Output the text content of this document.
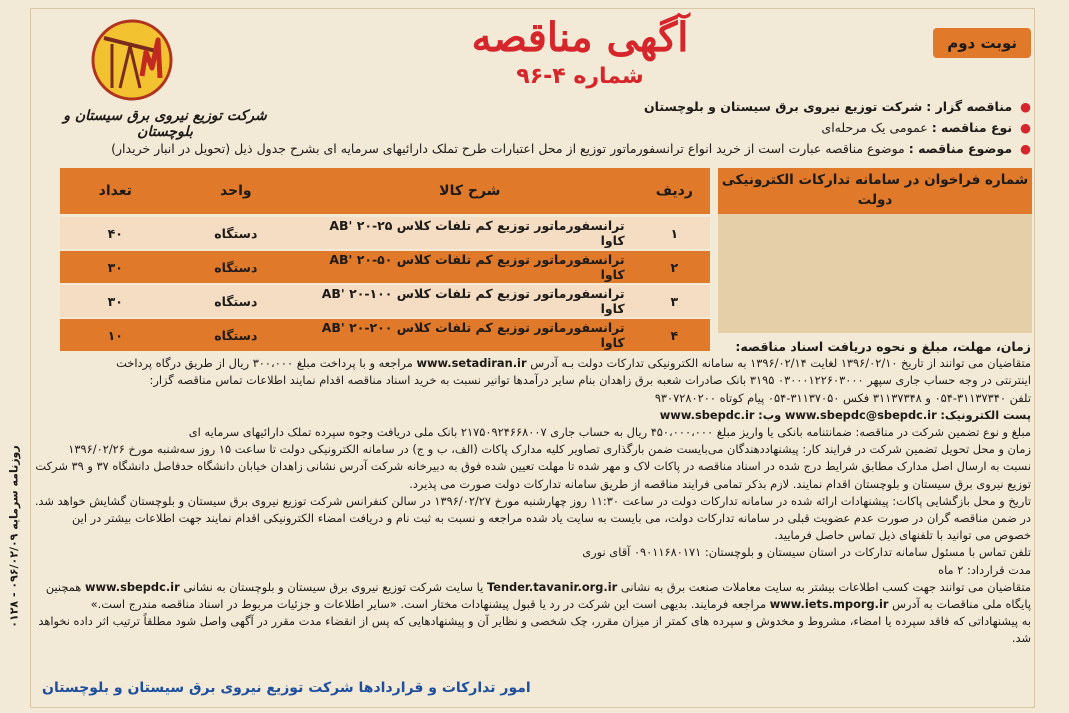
نوبت دوم
آگهی مناقصه
شماره ۴-۹۶
شرکت توزیع نیروی برق سیستان و بلوچستان
● مناقصه گزار : شرکت توزیع نیروی برق سیستان و بلوچستان
● نوع مناقصه : عمومی یک مرحله‌ای
● موضوع مناقصه : موضوع مناقصه عبارت است از خرید انواع ترانسفورماتور توزیع از محل اعتبارات طرح تملک دارائیهای سرمایه ای بشرح جدول ذیل (تحویل در انبار خریدار)
شماره فراخوان در سامانه تدارکات الکترونیکی دولت
ردیف	شرح کالا	واحد	تعداد
۱	ترانسفورماتور توزیع کم تلفات کلاس AB' ۲۰-۲۵ کاوا	دستگاه	۴۰
۲	ترانسفورماتور توزیع کم تلفات کلاس AB' ۲۰-۵۰ کاوا	دستگاه	۳۰
۳	ترانسفورماتور توزیع کم تلفات کلاس AB' ۲۰-۱۰۰ کاوا	دستگاه	۳۰
۴	ترانسفورماتور توزیع کم تلفات کلاس AB' ۲۰-۲۰۰ کاوا	دستگاه	۱۰

زمان، مهلت، مبلغ و نحوه دریافت اسناد مناقصه:

متقاضیان می توانند از تاریخ ۱۳۹۶/۰۲/۱۰ لغایت ۱۳۹۶/۰۲/۱۴ به سامانه الکترونیکی تدارکات دولت بـه آدرس www.setadiran.ir مراجعه و با پرداخت مبلغ ۳۰۰،۰۰۰ ریال از طریق درگاه پرداخت

اینترنتی در وجه حساب جاری سپهر ۰۳۰۰۰۱۲۲۶۰۳۰۰۰ ۳۱۹۵ بانک صادرات شعبه برق زاهدان بنام سایر درآمدها توانیر نسبت به خرید اسناد مناقصه اقدام نمایند اطلاعات تماس مناقصه گزار:

تلفن ۳۱۱۳۷۳۴۰-۰۵۴ و ۳۱۱۳۷۳۴۸ فکس ۳۱۱۳۷۰۵۰-۰۵۴ پیام کوتاه ۹۳۰۷۲۸۰۲۰۰

پست الکترونیک: www.sbepdc@sbepdc.ir وب: www.sbepdc.ir

مبلغ و نوع تضمین شرکت در مناقصه: ضمانتنامه بانکی یا واریز مبلغ ۴۵۰،۰۰۰،۰۰۰ ریال به حساب جاری ۲۱۷۵۰۹۲۴۶۶۸۰۰۷ بانک ملی دریافت وجوه سپرده تملک دارائیهای سرمایه ای

زمان و محل تحویل تضمین شرکت در فرایند کار: پیشنهاددهندگان می‌بایست ضمن بارگذاری تصاویر کلیه مدارک پاکات (الف، ب و ج) در سامانه الکترونیکی دولت تا ساعت ۱۵ روز سه‌شنبه مورخ ۱۳۹۶/۰۲/۲۶

نسبت به ارسال اصل مدارک مطابق شرایط درج شده در اسناد مناقصه در پاکات لاک و مهر شده تا مهلت تعیین شده فوق به دبیرخانه شرکت آدرس نشانی زاهدان خیابان دانشگاه حدفاصل دانشگاه ۳۷ و ۳۹ شرکت

توزیع نیروی برق سیستان و بلوچستان اقدام نمایند. لازم بذکر تمامی فرایند مناقصه از طریق سامانه تدارکات دولت صورت می پذیرد.

تاریخ و محل بازگشایی پاکات: پیشنهادات ارائه شده در سامانه تدارکات دولت در ساعت ۱۱:۳۰ روز چهارشنبه مورخ ۱۳۹۶/۰۲/۲۷ در سالن کنفرانس شرکت توزیع نیروی برق سیستان و بلوچستان گشایش خواهد شد.

در ضمن مناقصه گران در صورت عدم عضویت قبلی در سامانه تدارکات دولت، می بایست به سایت یاد شده مراجعه و نسبت به ثبت نام و دریافت امضاء الکترونیکی اقدام نمایند جهت اطلاعات بیشتر در این

خصوص می توانید با تلفنهای ذیل تماس حاصل فرمایید.

تلفن تماس با مسئول سامانه تدارکات در استان سیستان و بلوچستان: ۰۹۰۱۱۶۸۰۱۷۱ آقای نوری

مدت قرارداد: ۲ ماه

متقاضیان می توانند جهت کسب اطلاعات بیشتر به سایت معاملات صنعت برق به نشانی Tender.tavanir.org.ir یا سایت شرکت توزیع نیروی برق سیستان و بلوچستان به نشانی www.sbepdc.ir همچنین

پایگاه ملی مناقصات به آدرس www.iets.mporg.ir مراجعه فرمایند. بدیهی است این شرکت در رد یا قبول پیشنهادات مختار است. «سایر اطلاعات و جزئیات مربوط در اسناد مناقصه مندرج است.»

به پیشنهاداتی که فاقد سپرده یا امضاء، مشروط و مخدوش و سپرده های کمتر از میزان مقرر، چک شخصی و نظایر آن و پیشنهادهایی که پس از انقضاء مدت مقرر در آگهی واصل شود مطلقاً ترتیب اثر داده نخواهد

شد.

امور تدارکات و قراردادها شرکت توزیع نیروی برق سیستان و بلوچستان
روزنامه سرمایه ۰۹۶/۰۲/۰۹ - ۰۱۲۸
